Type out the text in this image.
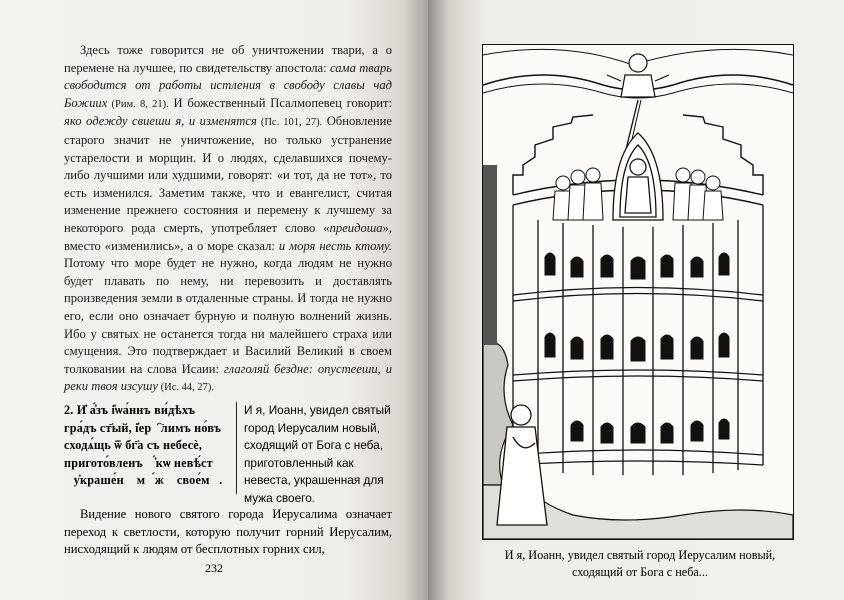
Здесь тоже говорится не об уничтожении твари, а о перемене на лучшее, по свидетельству апостола: сама тварь свободится от работы истления в свободу славы чад Божиих (Рим. 8, 21). И божественный Псалмопевец говорит: яко одежду свиеши я, и изменятся (Пс. 101, 27). Обновление старого значит не уничтожение, но только устранение устарелости и морщин. И о людях, сделавшихся почему-либо лучшими или худшими, говорят: «и тот, да не тот», то есть изменился. Заметим также, что и евангелист, считая изменение прежнего состояния и перемену к лучшему за некоторого рода смерть, употребляет слово «преидоша», вместо «изменились», а о море сказал: и моря несть ктому. Потому что море будет не нужно, когда людям не нужно будет плавать по нему, ни перевозить и доставлять произведения земли в отдаленные страны. И тогда не нужно его, если оно означает бурную и полную волнений жизнь. Ибо у святых не останется тогда ни малейшего страха или смущения. Это подтверждает и Василий Великий в своем толковании на слова Исаии: глаголяй бездне: опустееши, и реки твоя изсушу (Ис. 44, 27).

2. И҆ а҆́зъ і҆ѡа́ннъ ви́дѣхъ гра́дъ ст҃ый, і҆ерⷭ҇лимъ но́въ сходѧ́щь ѿ бг҃а съ небесѐ, пригото́вленъ ꙗ҆́кѡ невѣ́стꙋ ᲂу҆краше́нꙋ мꙋ́жꙋ свое́мꙋ.
И я, Иоанн, увидел святый город Иерусалим новый, сходящий от Бога с неба, приготовленный как невеста, украшенная для мужа своего.

Видение нового святого города Иерусалима означает переход к светлости, которую получит горний Иерусалим, нисходящий к людям от бесплотных горних сил,

232
И я, Иоанн, увидел святый город Иерусалим новый,
сходящий от Бога с неба...
